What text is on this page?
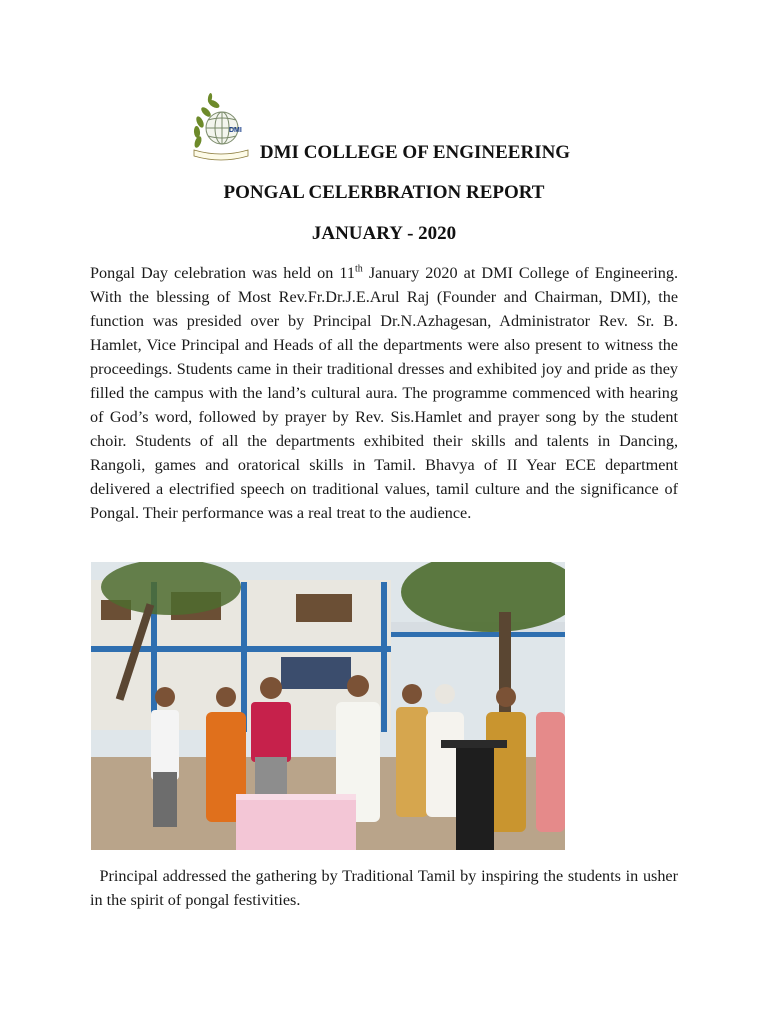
DMI
DMI COLLEGE OF ENGINEERING
PONGAL CELERBRATION REPORT
JANUARY - 2020
Pongal Day celebration was held on 11th January 2020 at DMI College of Engineering. With the blessing of Most Rev.Fr.Dr.J.E.Arul Raj (Founder and Chairman, DMI), the function was presided over by Principal Dr.N.Azhagesan, Administrator Rev. Sr. B. Hamlet, Vice Principal and Heads of all the departments were also present to witness the proceedings. Students came in their traditional dresses and exhibited joy and pride as they filled the campus with the land’s cultural aura. The programme commenced with hearing of God’s word, followed by prayer by Rev. Sis.Hamlet and prayer song by the student choir. Students of all the departments exhibited their skills and talents in Dancing, Rangoli, games and oratorical skills in Tamil. Bhavya of II Year ECE department delivered a electrified speech on traditional values, tamil culture and the significance of Pongal. Their performance was a real treat to the audience.
Principal addressed the gathering by Traditional Tamil by inspiring the students in usher in the spirit of pongal festivities.
